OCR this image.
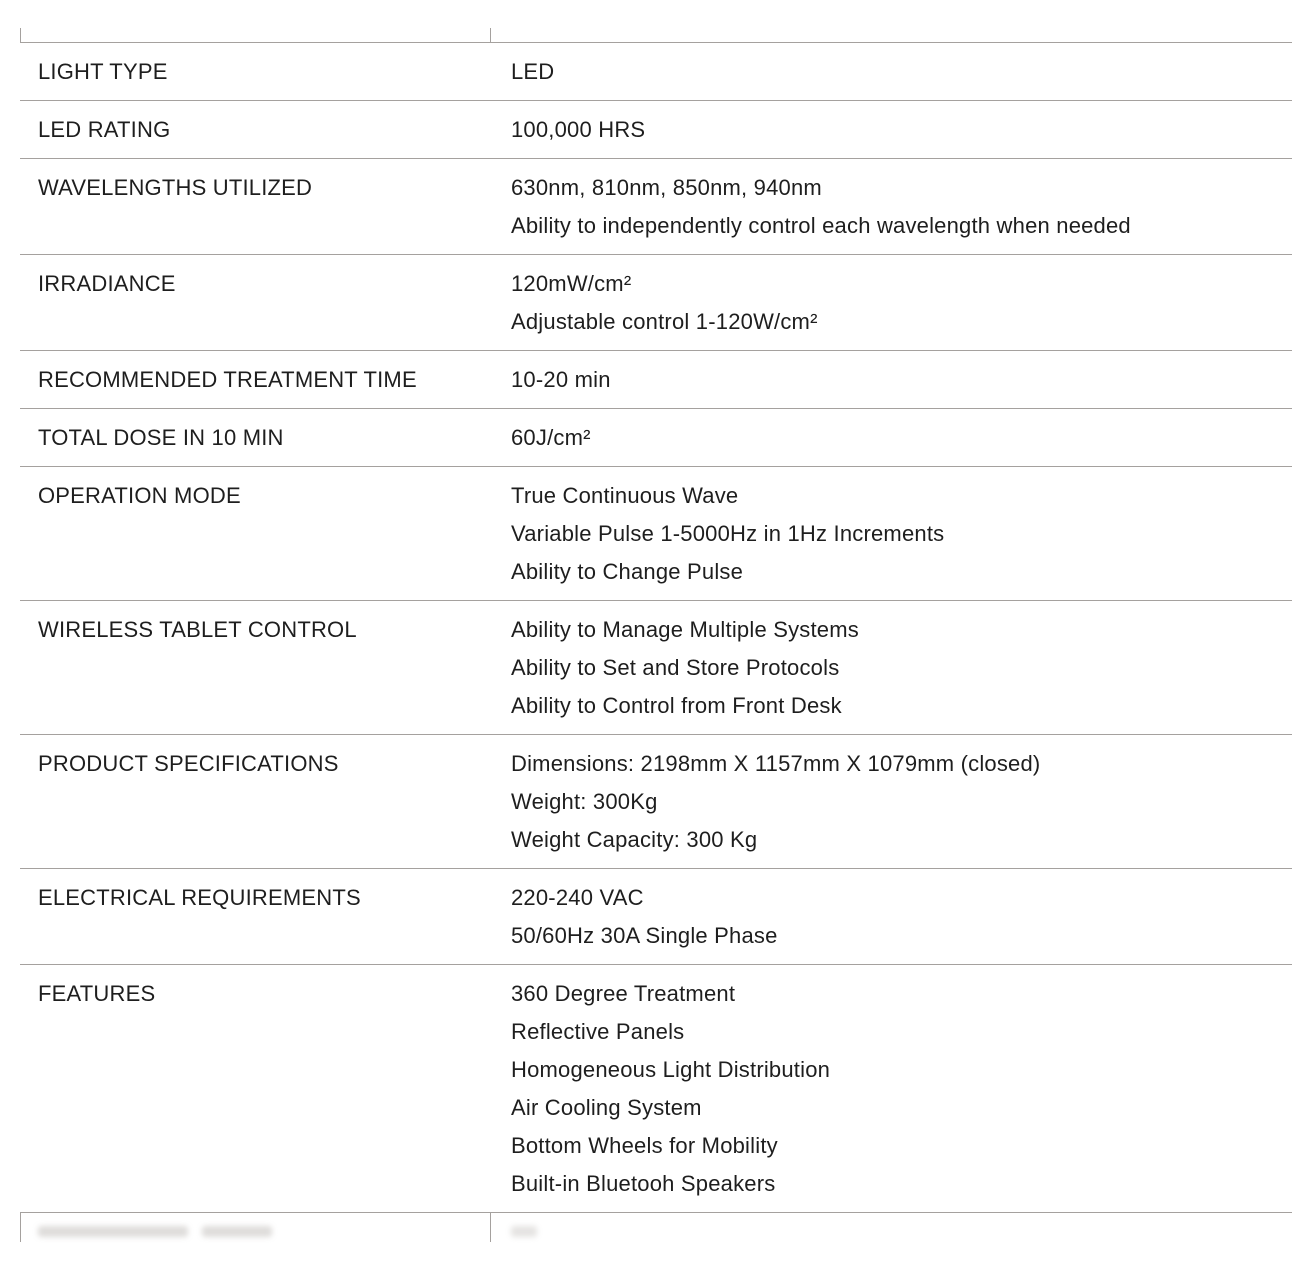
LIGHT TYPE	LED
LED RATING	100,000 HRS
WAVELENGTHS UTILIZED	630nm, 810nm, 850nm, 940nm
Ability to independently control each wavelength when needed
IRRADIANCE	120mW/cm²
Adjustable control 1-120W/cm²
RECOMMENDED TREATMENT TIME	10-20 min
TOTAL DOSE IN 10 MIN	60J/cm²
OPERATION MODE	True Continuous Wave
Variable Pulse 1-5000Hz in 1Hz Increments
Ability to Change Pulse
WIRELESS TABLET CONTROL	Ability to Manage Multiple Systems
Ability to Set and Store Protocols
Ability to Control from Front Desk
PRODUCT SPECIFICATIONS	Dimensions: 2198mm X 1157mm X 1079mm (closed)
Weight: 300Kg
Weight Capacity: 300 Kg
ELECTRICAL REQUIREMENTS	220-240 VAC
50/60Hz 30A Single Phase
FEATURES	360 Degree Treatment
Reflective Panels
Homogeneous Light Distribution
Air Cooling System
Bottom Wheels for Mobility
Built-in Bluetooh Speakers
